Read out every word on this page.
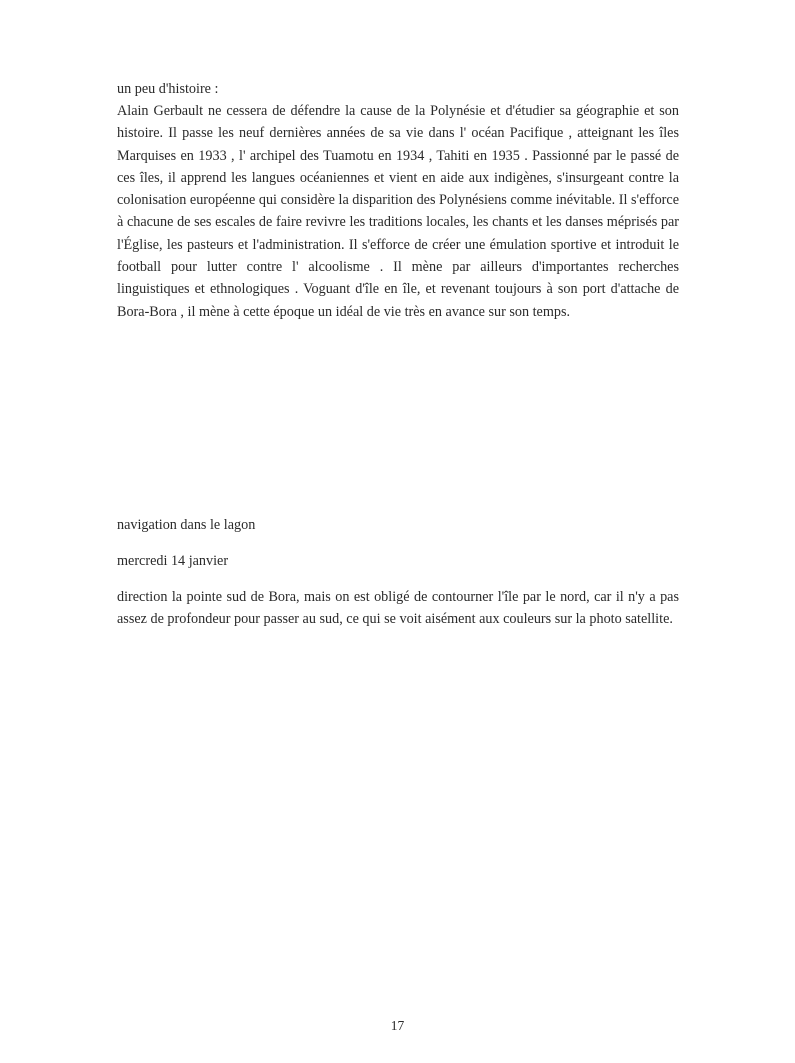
un peu d'histoire :
Alain Gerbault ne cessera de défendre la cause de la Polynésie et d'étudier sa géographie et son histoire. Il passe les neuf dernières années de sa vie dans l' océan Pacifique , atteignant les îles Marquises en 1933 , l' archipel des Tuamotu en 1934 , Tahiti en 1935 . Passionné par le passé de ces îles, il apprend les langues océaniennes et vient en aide aux indigènes, s'insurgeant contre la colonisation européenne qui considère la disparition des Polynésiens comme inévitable. Il s'efforce à chacune de ses escales de faire revivre les traditions locales, les chants et les danses méprisés par l'Église, les pasteurs et l'administration. Il s'efforce de créer une émulation sportive et introduit le football pour lutter contre l' alcoolisme . Il mène par ailleurs d'importantes recherches linguistiques et ethnologiques . Voguant d'île en île, et revenant toujours à son port d'attache de Bora-Bora , il mène à cette époque un idéal de vie très en avance sur son temps.
navigation dans le lagon
mercredi 14 janvier
direction la pointe sud de Bora, mais on est obligé de contourner l'île par le nord, car il n'y a pas assez de profondeur pour passer au sud, ce qui se voit aisément aux couleurs sur la photo satellite.
17
